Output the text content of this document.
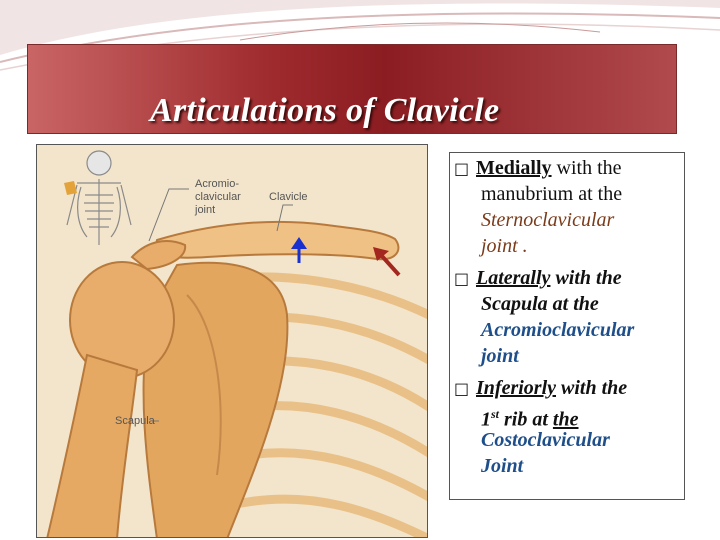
Articulations of Clavicle
Acromio-
clavicular
joint
Clavicle
Scapula
□ Medially with the
manubrium at the
Sternoclavicular
joint .
□ Laterally with the
Scapula at the
Acromioclavicular
joint
□ Inferiorly with the
1st rib at the
Costoclavicular
Joint
